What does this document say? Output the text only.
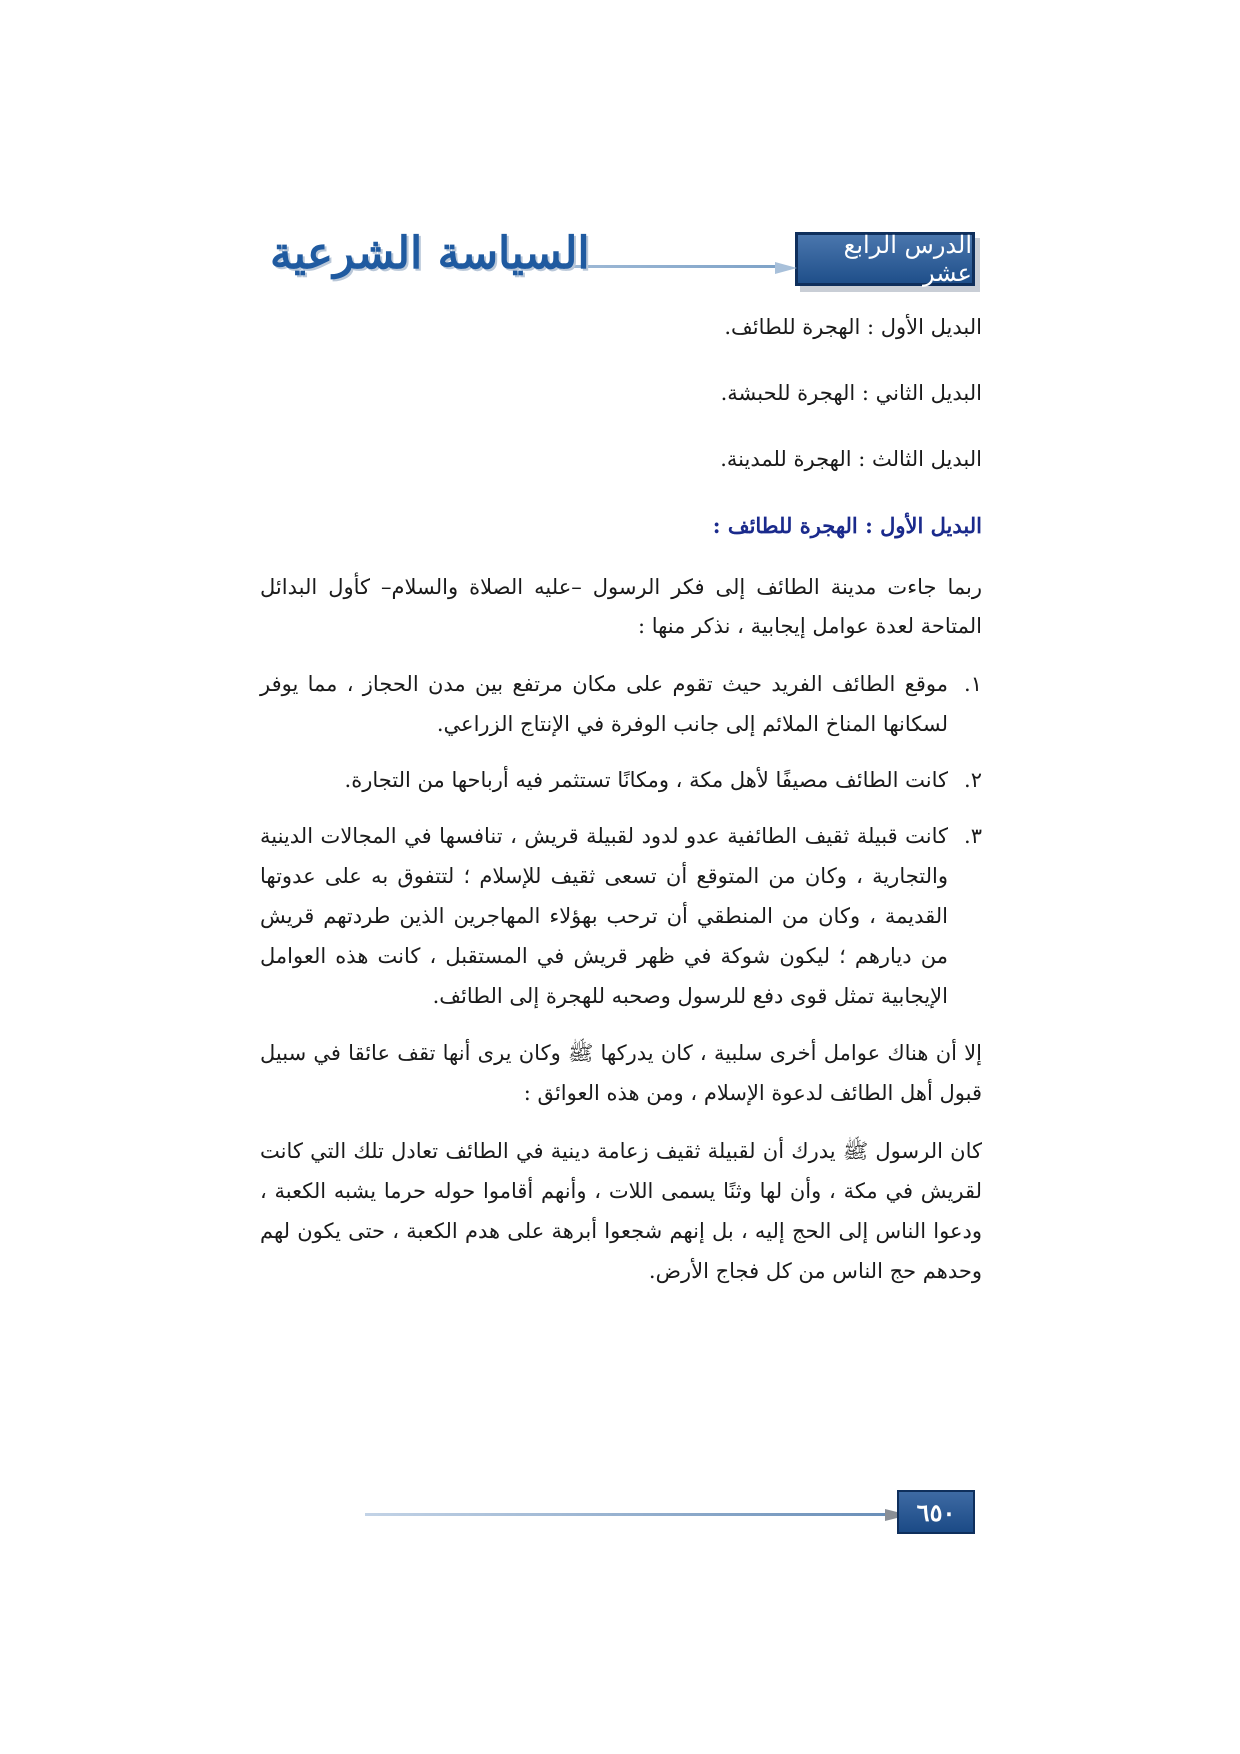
الدرس الرابع عشر
السياسة الشرعية

البديل الأول : الهجرة للطائف.

البديل الثاني : الهجرة للحبشة.

البديل الثالث : الهجرة للمدينة.

البديل الأول : الهجرة للطائف :

ربما جاءت مدينة الطائف إلى فكر الرسول –عليه الصلاة والسلام– كأول البدائل المتاحة لعدة عوامل إيجابية ، نذكر منها :

١.
موقع الطائف الفريد حيث تقوم على مكان مرتفع بين مدن الحجاز ، مما يوفر لسكانها المناخ الملائم إلى جانب الوفرة في الإنتاج الزراعي.
٢.
كانت الطائف مصيفًا لأهل مكة ، ومكانًا تستثمر فيه أرباحها من التجارة.
٣.
كانت قبيلة ثقيف الطائفية عدو لدود لقبيلة قريش ، تنافسها في المجالات الدينية والتجارية ، وكان من المتوقع أن تسعى ثقيف للإسلام ؛ لتتفوق به على عدوتها القديمة ، وكان من المنطقي أن ترحب بهؤلاء المهاجرين الذين طردتهم قريش من ديارهم ؛ ليكون شوكة في ظهر قريش في المستقبل ، كانت هذه العوامل الإيجابية تمثل قوى دفع للرسول وصحبه للهجرة إلى الطائف.

إلا أن هناك عوامل أخرى سلبية ، كان يدركها ﷺ وكان يرى أنها تقف عائقا في سبيل قبول أهل الطائف لدعوة الإسلام ، ومن هذه العوائق :

كان الرسول ﷺ يدرك أن لقبيلة ثقيف زعامة دينية في الطائف تعادل تلك التي كانت لقريش في مكة ، وأن لها وثنًا يسمى اللات ، وأنهم أقاموا حوله حرما يشبه الكعبة ، ودعوا الناس إلى الحج إليه ، بل إنهم شجعوا أبرهة على هدم الكعبة ، حتى يكون لهم وحدهم حج الناس من كل فجاج الأرض.

٦٥٠
